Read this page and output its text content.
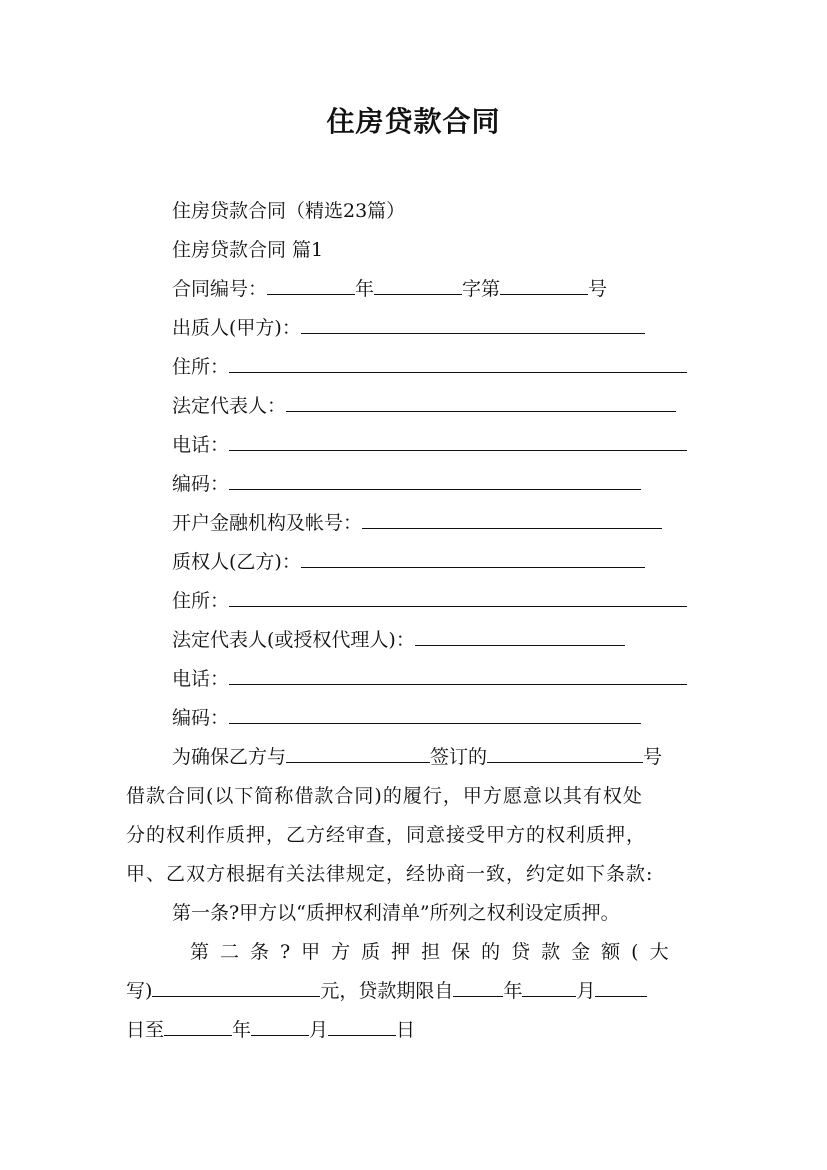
住房贷款合同
住房贷款合同（精选23篇）
住房贷款合同 篇1
合同编号：	年	字第	号
出质人(甲方)：
住所：
法定代表人：
电话：
编码：
开户金融机构及帐号：
质权人(乙方)：
住所：
法定代表人(或授权代理人)：
电话：
编码：
为确保乙方与	签订的	号
借款合同(以下简称借款合同)的履行，甲方愿意以其有权处
分的权利作质押，乙方经审查，同意接受甲方的权利质押，
甲、乙双方根据有关法律规定，经协商一致，约定如下条款:
第一条?甲方以“质押权利清单”所列之权利设定质押。
第二条?甲方质押担保的贷款金额(大
写)	元，贷款期限自	年	月
日至	年	月	日
